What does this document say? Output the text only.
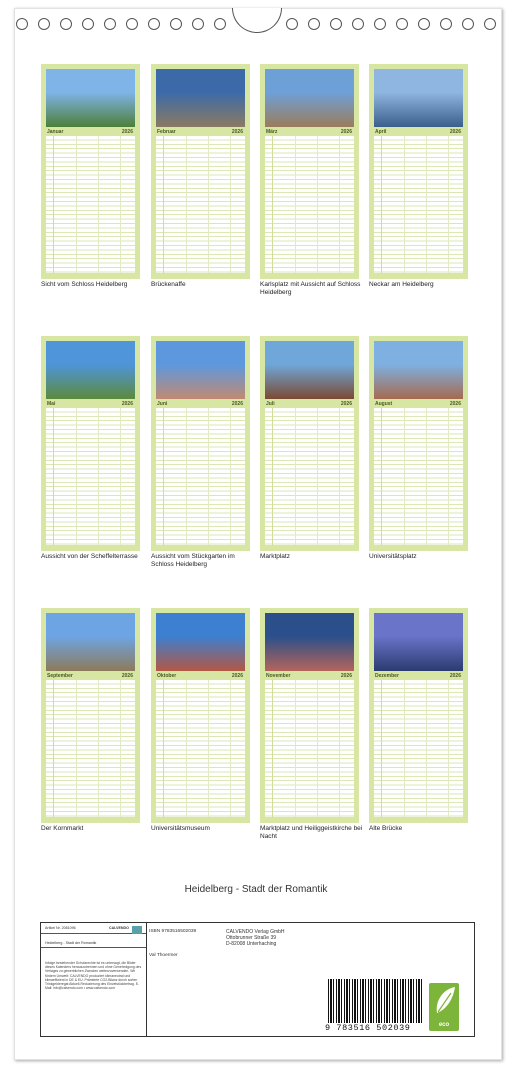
Januar	2026
Sicht vom Schloss Heidelberg
Februar	2026
Brückenaffe
März	2026
Karlsplatz mit Aussicht auf Schloss Heidelberg
April	2026
Neckar am Heidelberg
Mai	2026
Aussicht von der Scheffelterrasse
Juni	2026
Aussicht vom Stückgarten im Schloss Heidelberg
Juli	2026
Marktplatz
August	2026
Universitätsplatz
September	2026
Der Kornmarkt
Oktober	2026
Universitätsmuseum
November	2026
Marktplatz und Heiliggeistkirche bei Nacht
Dezember	2026
Alte Brücke
Heidelberg - Stadt der Romantik
Artikel Nr. 2081096	CALVENDO
Heidelberg - Stadt der Romantik
Infolge bestehender Schutzrechte ist es untersagt, die Bilder dieses Kalenders herauszutrennen und ohne Genehmigung des Verlages zu gewerblichen Zwecken weiterzuverwenden. Wir fördern Umwelt: CALVENDO produziert klimaneutral und klimaeffizient in DE & EU. Prämierte CO2-Bilanz durch sorten Trinkgelderegat Aktuell-Reduzierung des Einzelstückbetrag. E-Mail: info@calvendo.com • www.calvendo.com
ISBN 9783516502039	CALVENDO Verlag GmbH
Ottobrunner Straße 39
D-82008 Unterhaching
Val Thoermer
9 783516 502039	eco
